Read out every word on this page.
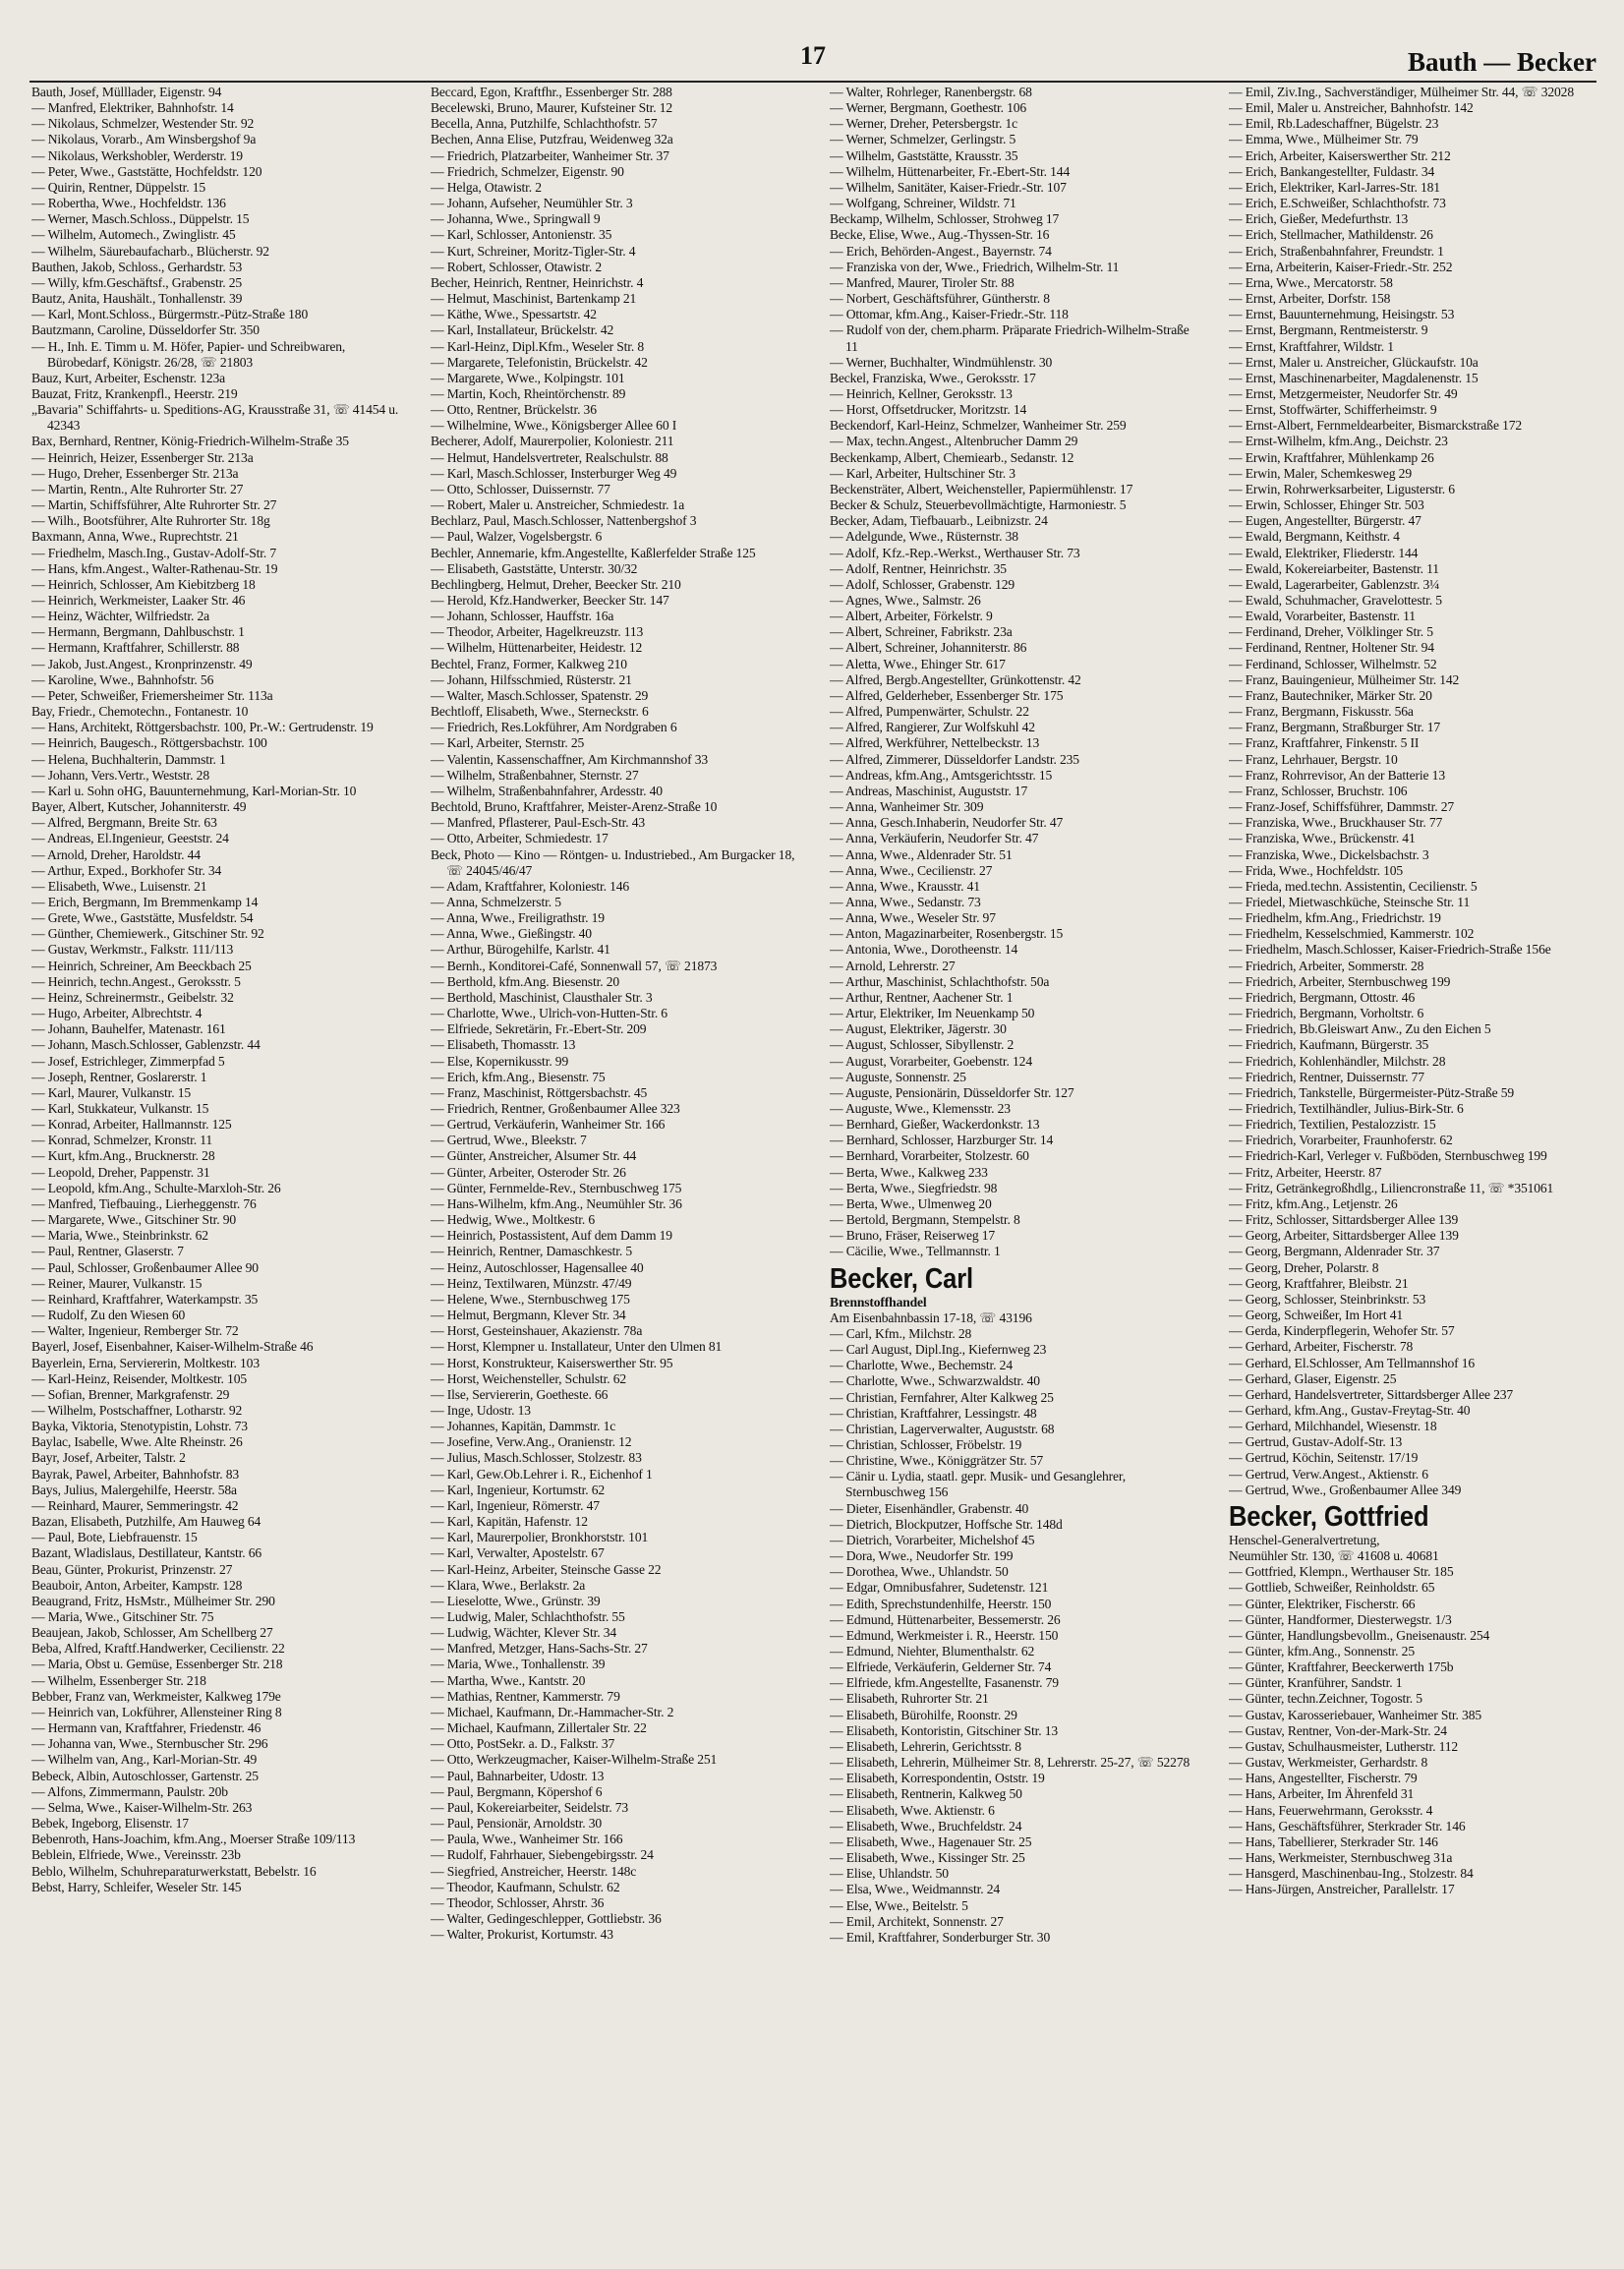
17	Bauth — Becker

Bauth, Josef, Mülllader, Eigenstr. 94

— Manfred, Elektriker, Bahnhofstr. 14

— Nikolaus, Schmelzer, Westender Str. 92

— Nikolaus, Vorarb., Am Winsbergshof 9a

— Nikolaus, Werkshobler, Werderstr. 19

— Peter, Wwe., Gaststätte, Hochfeldstr. 120

— Quirin, Rentner, Düppelstr. 15

— Robertha, Wwe., Hochfeldstr. 136

— Werner, Masch.Schloss., Düppelstr. 15

— Wilhelm, Automech., Zwinglistr. 45

— Wilhelm, Säurebaufacharb., Blücherstr. 92

Bauthen, Jakob, Schloss., Gerhardstr. 53

— Willy, kfm.Geschäftsf., Grabenstr. 25

Bautz, Anita, Haushält., Tonhallenstr. 39

— Karl, Mont.Schloss., Bürgermstr.-Pütz-Straße 180

Bautzmann, Caroline, Düsseldorfer Str. 350

— H., Inh. E. Timm u. M. Höfer, Papier- und Schreibwaren, Bürobedarf, Königstr. 26/28, ☏ 21803

Bauz, Kurt, Arbeiter, Eschenstr. 123a

Bauzat, Fritz, Krankenpfl., Heerstr. 219

„Bavaria" Schiffahrts- u. Speditions-AG, Krausstraße 31, ☏ 41454 u. 42343

Bax, Bernhard, Rentner, König-Friedrich-Wilhelm-Straße 35

— Heinrich, Heizer, Essenberger Str. 213a

— Hugo, Dreher, Essenberger Str. 213a

— Martin, Rentn., Alte Ruhrorter Str. 27

— Martin, Schiffsführer, Alte Ruhrorter Str. 27

— Wilh., Bootsführer, Alte Ruhrorter Str. 18g

Baxmann, Anna, Wwe., Ruprechtstr. 21

— Friedhelm, Masch.Ing., Gustav-Adolf-Str. 7

— Hans, kfm.Angest., Walter-Rathenau-Str. 19

— Heinrich, Schlosser, Am Kiebitzberg 18

— Heinrich, Werkmeister, Laaker Str. 46

— Heinz, Wächter, Wilfriedstr. 2a

— Hermann, Bergmann, Dahlbuschstr. 1

— Hermann, Kraftfahrer, Schillerstr. 88

— Jakob, Just.Angest., Kronprinzenstr. 49

— Karoline, Wwe., Bahnhofstr. 56

— Peter, Schweißer, Friemersheimer Str. 113a

Bay, Friedr., Chemotechn., Fontanestr. 10

— Hans, Architekt, Röttgersbachstr. 100, Pr.-W.: Gertrudenstr. 19

— Heinrich, Baugesch., Röttgersbachstr. 100

— Helena, Buchhalterin, Dammstr. 1

— Johann, Vers.Vertr., Weststr. 28

— Karl u. Sohn oHG, Bauunternehmung, Karl-Morian-Str. 10

Bayer, Albert, Kutscher, Johanniterstr. 49

— Alfred, Bergmann, Breite Str. 63

— Andreas, El.Ingenieur, Geeststr. 24

— Arnold, Dreher, Haroldstr. 44

— Arthur, Exped., Borkhofer Str. 34

— Elisabeth, Wwe., Luisenstr. 21

— Erich, Bergmann, Im Bremmenkamp 14

— Grete, Wwe., Gaststätte, Musfeldstr. 54

— Günther, Chemiewerk., Gitschiner Str. 92

— Gustav, Werkmstr., Falkstr. 111/113

— Heinrich, Schreiner, Am Beeckbach 25

— Heinrich, techn.Angest., Geroksstr. 5

— Heinz, Schreinermstr., Geibelstr. 32

— Hugo, Arbeiter, Albrechtstr. 4

— Johann, Bauhelfer, Matenastr. 161

— Johann, Masch.Schlosser, Gablenzstr. 44

— Josef, Estrichleger, Zimmerpfad 5

— Joseph, Rentner, Goslarerstr. 1

— Karl, Maurer, Vulkanstr. 15

— Karl, Stukkateur, Vulkanstr. 15

— Konrad, Arbeiter, Hallmannstr. 125

— Konrad, Schmelzer, Kronstr. 11

— Kurt, kfm.Ang., Brucknerstr. 28

— Leopold, Dreher, Pappenstr. 31

— Leopold, kfm.Ang., Schulte-Marxloh-Str. 26

— Manfred, Tiefbauing., Lierheggenstr. 76

— Margarete, Wwe., Gitschiner Str. 90

— Maria, Wwe., Steinbrinkstr. 62

— Paul, Rentner, Glaserstr. 7

— Paul, Schlosser, Großenbaumer Allee 90

— Reiner, Maurer, Vulkanstr. 15

— Reinhard, Kraftfahrer, Waterkampstr. 35

— Rudolf, Zu den Wiesen 60

— Walter, Ingenieur, Remberger Str. 72

Bayerl, Josef, Eisenbahner, Kaiser-Wilhelm-Straße 46

Bayerlein, Erna, Serviererin, Moltkestr. 103

— Karl-Heinz, Reisender, Moltkestr. 105

— Sofian, Brenner, Markgrafenstr. 29

— Wilhelm, Postschaffner, Lotharstr. 92

Bayka, Viktoria, Stenotypistin, Lohstr. 73

Baylac, Isabelle, Wwe. Alte Rheinstr. 26

Bayr, Josef, Arbeiter, Talstr. 2

Bayrak, Pawel, Arbeiter, Bahnhofstr. 83

Bays, Julius, Malergehilfe, Heerstr. 58a

— Reinhard, Maurer, Semmeringstr. 42

Bazan, Elisabeth, Putzhilfe, Am Hauweg 64

— Paul, Bote, Liebfrauenstr. 15

Bazant, Wladislaus, Destillateur, Kantstr. 66

Beau, Günter, Prokurist, Prinzenstr. 27

Beauboir, Anton, Arbeiter, Kampstr. 128

Beaugrand, Fritz, HsMstr., Mülheimer Str. 290

— Maria, Wwe., Gitschiner Str. 75

Beaujean, Jakob, Schlosser, Am Schellberg 27

Beba, Alfred, Kraftf.Handwerker, Cecilienstr. 22

— Maria, Obst u. Gemüse, Essenberger Str. 218

— Wilhelm, Essenberger Str. 218

Bebber, Franz van, Werkmeister, Kalkweg 179e

— Heinrich van, Lokführer, Allensteiner Ring 8

— Hermann van, Kraftfahrer, Friedenstr. 46

— Johanna van, Wwe., Sternbuscher Str. 296

— Wilhelm van, Ang., Karl-Morian-Str. 49

Bebeck, Albin, Autoschlosser, Gartenstr. 25

— Alfons, Zimmermann, Paulstr. 20b

— Selma, Wwe., Kaiser-Wilhelm-Str. 263

Bebek, Ingeborg, Elisenstr. 17

Bebenroth, Hans-Joachim, kfm.Ang., Moerser Straße 109/113

Beblein, Elfriede, Wwe., Vereinsstr. 23b

Beblo, Wilhelm, Schuhreparaturwerkstatt, Bebelstr. 16

Bebst, Harry, Schleifer, Weseler Str. 145

Beccard, Egon, Kraftfhr., Essenberger Str. 288

Becelewski, Bruno, Maurer, Kufsteiner Str. 12

Becella, Anna, Putzhilfe, Schlachthofstr. 57

Bechen, Anna Elise, Putzfrau, Weidenweg 32a

— Friedrich, Platzarbeiter, Wanheimer Str. 37

— Friedrich, Schmelzer, Eigenstr. 90

— Helga, Otawistr. 2

— Johann, Aufseher, Neumühler Str. 3

— Johanna, Wwe., Springwall 9

— Karl, Schlosser, Antonienstr. 35

— Kurt, Schreiner, Moritz-Tigler-Str. 4

— Robert, Schlosser, Otawistr. 2

Becher, Heinrich, Rentner, Heinrichstr. 4

— Helmut, Maschinist, Bartenkamp 21

— Käthe, Wwe., Spessartstr. 42

— Karl, Installateur, Brückelstr. 42

— Karl-Heinz, Dipl.Kfm., Weseler Str. 8

— Margarete, Telefonistin, Brückelstr. 42

— Margarete, Wwe., Kolpingstr. 101

— Martin, Koch, Rheintörchenstr. 89

— Otto, Rentner, Brückelstr. 36

— Wilhelmine, Wwe., Königsberger Allee 60 I

Becherer, Adolf, Maurerpolier, Koloniestr. 211

— Helmut, Handelsvertreter, Realschulstr. 88

— Karl, Masch.Schlosser, Insterburger Weg 49

— Otto, Schlosser, Duissernstr. 77

— Robert, Maler u. Anstreicher, Schmiedestr. 1a

Bechlarz, Paul, Masch.Schlosser, Nattenbergshof 3

— Paul, Walzer, Vogelsbergstr. 6

Bechler, Annemarie, kfm.Angestellte, Kaßlerfelder Straße 125

— Elisabeth, Gaststätte, Unterstr. 30/32

Bechlingberg, Helmut, Dreher, Beecker Str. 210

— Herold, Kfz.Handwerker, Beecker Str. 147

— Johann, Schlosser, Hauffstr. 16a

— Theodor, Arbeiter, Hagelkreuzstr. 113

— Wilhelm, Hüttenarbeiter, Heidestr. 12

Bechtel, Franz, Former, Kalkweg 210

— Johann, Hilfsschmied, Rüsterstr. 21

— Walter, Masch.Schlosser, Spatenstr. 29

Bechtloff, Elisabeth, Wwe., Sterneckstr. 6

— Friedrich, Res.Lokführer, Am Nordgraben 6

— Karl, Arbeiter, Sternstr. 25

— Valentin, Kassenschaffner, Am Kirchmannshof 33

— Wilhelm, Straßenbahner, Sternstr. 27

— Wilhelm, Straßenbahnfahrer, Ardesstr. 40

Bechtold, Bruno, Kraftfahrer, Meister-Arenz-Straße 10

— Manfred, Pflasterer, Paul-Esch-Str. 43

— Otto, Arbeiter, Schmiedestr. 17

Beck, Photo — Kino — Röntgen- u. Industriebed., Am Burgacker 18, ☏ 24045/46/47

— Adam, Kraftfahrer, Koloniestr. 146

— Anna, Schmelzerstr. 5

— Anna, Wwe., Freiligrathstr. 19

— Anna, Wwe., Gießingstr. 40

— Arthur, Bürogehilfe, Karlstr. 41

— Bernh., Konditorei-Café, Sonnenwall 57, ☏ 21873

— Berthold, kfm.Ang. Biesenstr. 20

— Berthold, Maschinist, Clausthaler Str. 3

— Charlotte, Wwe., Ulrich-von-Hutten-Str. 6

— Elfriede, Sekretärin, Fr.-Ebert-Str. 209

— Elisabeth, Thomasstr. 13

— Else, Kopernikusstr. 99

— Erich, kfm.Ang., Biesenstr. 75

— Franz, Maschinist, Röttgersbachstr. 45

— Friedrich, Rentner, Großenbaumer Allee 323

— Gertrud, Verkäuferin, Wanheimer Str. 166

— Gertrud, Wwe., Bleekstr. 7

— Günter, Anstreicher, Alsumer Str. 44

— Günter, Arbeiter, Osteroder Str. 26

— Günter, Fernmelde-Rev., Sternbuschweg 175

— Hans-Wilhelm, kfm.Ang., Neumühler Str. 36

— Hedwig, Wwe., Moltkestr. 6

— Heinrich, Postassistent, Auf dem Damm 19

— Heinrich, Rentner, Damaschkestr. 5

— Heinz, Autoschlosser, Hagensallee 40

— Heinz, Textilwaren, Münzstr. 47/49

— Helene, Wwe., Sternbuschweg 175

— Helmut, Bergmann, Klever Str. 34

— Horst, Gesteinshauer, Akazienstr. 78a

— Horst, Klempner u. Installateur, Unter den Ulmen 81

— Horst, Konstrukteur, Kaiserswerther Str. 95

— Horst, Weichensteller, Schulstr. 62

— Ilse, Serviererin, Goetheste. 66

— Inge, Udostr. 13

— Johannes, Kapitän, Dammstr. 1c

— Josefine, Verw.Ang., Oranienstr. 12

— Julius, Masch.Schlosser, Stolzestr. 83

— Karl, Gew.Ob.Lehrer i. R., Eichenhof 1

— Karl, Ingenieur, Kortumstr. 62

— Karl, Ingenieur, Römerstr. 47

— Karl, Kapitän, Hafenstr. 12

— Karl, Maurerpolier, Bronkhorststr. 101

— Karl, Verwalter, Apostelstr. 67

— Karl-Heinz, Arbeiter, Steinsche Gasse 22

— Klara, Wwe., Berlakstr. 2a

— Lieselotte, Wwe., Grünstr. 39

— Ludwig, Maler, Schlachthofstr. 55

— Ludwig, Wächter, Klever Str. 34

— Manfred, Metzger, Hans-Sachs-Str. 27

— Maria, Wwe., Tonhallenstr. 39

— Martha, Wwe., Kantstr. 20

— Mathias, Rentner, Kammerstr. 79

— Michael, Kaufmann, Dr.-Hammacher-Str. 2

— Michael, Kaufmann, Zillertaler Str. 22

— Otto, PostSekr. a. D., Falkstr. 37

— Otto, Werkzeugmacher, Kaiser-Wilhelm-Straße 251

— Paul, Bahnarbeiter, Udostr. 13

— Paul, Bergmann, Köpershof 6

— Paul, Kokereiarbeiter, Seidelstr. 73

— Paul, Pensionär, Arnoldstr. 30

— Paula, Wwe., Wanheimer Str. 166

— Rudolf, Fahrhauer, Siebengebirgsstr. 24

— Siegfried, Anstreicher, Heerstr. 148c

— Theodor, Kaufmann, Schulstr. 62

— Theodor, Schlosser, Ahrstr. 36

— Walter, Gedingeschlepper, Gottliebstr. 36

— Walter, Prokurist, Kortumstr. 43

— Walter, Rohrleger, Ranenbergstr. 68

— Werner, Bergmann, Goethestr. 106

— Werner, Dreher, Petersbergstr. 1c

— Werner, Schmelzer, Gerlingstr. 5

— Wilhelm, Gaststätte, Krausstr. 35

— Wilhelm, Hüttenarbeiter, Fr.-Ebert-Str. 144

— Wilhelm, Sanitäter, Kaiser-Friedr.-Str. 107

— Wolfgang, Schreiner, Wildstr. 71

Beckamp, Wilhelm, Schlosser, Strohweg 17

Becke, Elise, Wwe., Aug.-Thyssen-Str. 16

— Erich, Behörden-Angest., Bayernstr. 74

— Franziska von der, Wwe., Friedrich, Wilhelm-Str. 11

— Manfred, Maurer, Tiroler Str. 88

— Norbert, Geschäftsführer, Güntherstr. 8

— Ottomar, kfm.Ang., Kaiser-Friedr.-Str. 118

— Rudolf von der, chem.pharm. Präparate Friedrich-Wilhelm-Straße 11

— Werner, Buchhalter, Windmühlenstr. 30

Beckel, Franziska, Wwe., Geroksstr. 17

— Heinrich, Kellner, Geroksstr. 13

— Horst, Offsetdrucker, Moritzstr. 14

Beckendorf, Karl-Heinz, Schmelzer, Wanheimer Str. 259

— Max, techn.Angest., Altenbrucher Damm 29

Beckenkamp, Albert, Chemiearb., Sedanstr. 12

— Karl, Arbeiter, Hultschiner Str. 3

Beckensträter, Albert, Weichensteller, Papiermühlenstr. 17

Becker & Schulz, Steuerbevollmächtigte, Harmoniestr. 5

Becker, Adam, Tiefbauarb., Leibnizstr. 24

— Adelgunde, Wwe., Rüsternstr. 38

— Adolf, Kfz.-Rep.-Werkst., Werthauser Str. 73

— Adolf, Rentner, Heinrichstr. 35

— Adolf, Schlosser, Grabenstr. 129

— Agnes, Wwe., Salmstr. 26

— Albert, Arbeiter, Förkelstr. 9

— Albert, Schreiner, Fabrikstr. 23a

— Albert, Schreiner, Johanniterstr. 86

— Aletta, Wwe., Ehinger Str. 617

— Alfred, Bergb.Angestellter, Grünkottenstr. 42

— Alfred, Gelderheber, Essenberger Str. 175

— Alfred, Pumpenwärter, Schulstr. 22

— Alfred, Rangierer, Zur Wolfskuhl 42

— Alfred, Werkführer, Nettelbeckstr. 13

— Alfred, Zimmerer, Düsseldorfer Landstr. 235

— Andreas, kfm.Ang., Amtsgerichtsstr. 15

— Andreas, Maschinist, Auguststr. 17

— Anna, Wanheimer Str. 309

— Anna, Gesch.Inhaberin, Neudorfer Str. 47

— Anna, Verkäuferin, Neudorfer Str. 47

— Anna, Wwe., Aldenrader Str. 51

— Anna, Wwe., Cecilienstr. 27

— Anna, Wwe., Krausstr. 41

— Anna, Wwe., Sedanstr. 73

— Anna, Wwe., Weseler Str. 97

— Anton, Magazinarbeiter, Rosenbergstr. 15

— Antonia, Wwe., Dorotheenstr. 14

— Arnold, Lehrerstr. 27

— Arthur, Maschinist, Schlachthofstr. 50a

— Arthur, Rentner, Aachener Str. 1

— Artur, Elektriker, Im Neuenkamp 50

— August, Elektriker, Jägerstr. 30

— August, Schlosser, Sibyllenstr. 2

— August, Vorarbeiter, Goebenstr. 124

— Auguste, Sonnenstr. 25

— Auguste, Pensionärin, Düsseldorfer Str. 127

— Auguste, Wwe., Klemensstr. 23

— Bernhard, Gießer, Wackerdonkstr. 13

— Bernhard, Schlosser, Harzburger Str. 14

— Bernhard, Vorarbeiter, Stolzestr. 60

— Berta, Wwe., Kalkweg 233

— Berta, Wwe., Siegfriedstr. 98

— Berta, Wwe., Ulmenweg 20

— Bertold, Bergmann, Stempelstr. 8

— Bruno, Fräser, Reiserweg 17

— Cäcilie, Wwe., Tellmannstr. 1

Becker, Carl

Brennstoffhandel

Am Eisenbahnbassin 17-18, ☏ 43196

— Carl, Kfm., Milchstr. 28

— Carl August, Dipl.Ing., Kiefernweg 23

— Charlotte, Wwe., Bechemstr. 24

— Charlotte, Wwe., Schwarzwaldstr. 40

— Christian, Fernfahrer, Alter Kalkweg 25

— Christian, Kraftfahrer, Lessingstr. 48

— Christian, Lagerverwalter, Auguststr. 68

— Christian, Schlosser, Fröbelstr. 19

— Christine, Wwe., Königgrätzer Str. 57

— Cänir u. Lydia, staatl. gepr. Musik- und Gesanglehrer, Sternbuschweg 156

— Dieter, Eisenhändler, Grabenstr. 40

— Dietrich, Blockputzer, Hoffsche Str. 148d

— Dietrich, Vorarbeiter, Michelshof 45

— Dora, Wwe., Neudorfer Str. 199

— Dorothea, Wwe., Uhlandstr. 50

— Edgar, Omnibusfahrer, Sudetenstr. 121

— Edith, Sprechstundenhilfe, Heerstr. 150

— Edmund, Hüttenarbeiter, Bessemerstr. 26

— Edmund, Werkmeister i. R., Heerstr. 150

— Edmund, Niehter, Blumenthalstr. 62

— Elfriede, Verkäuferin, Gelderner Str. 74

— Elfriede, kfm.Angestellte, Fasanenstr. 79

— Elisabeth, Ruhrorter Str. 21

— Elisabeth, Bürohilfe, Roonstr. 29

— Elisabeth, Kontoristin, Gitschiner Str. 13

— Elisabeth, Lehrerin, Gerichtsstr. 8

— Elisabeth, Lehrerin, Mülheimer Str. 8, Lehrerstr. 25-27, ☏ 52278

— Elisabeth, Korrespondentin, Oststr. 19

— Elisabeth, Rentnerin, Kalkweg 50

— Elisabeth, Wwe. Aktienstr. 6

— Elisabeth, Wwe., Bruchfeldstr. 24

— Elisabeth, Wwe., Hagenauer Str. 25

— Elisabeth, Wwe., Kissinger Str. 25

— Elise, Uhlandstr. 50

— Elsa, Wwe., Weidmannstr. 24

— Else, Wwe., Beitelstr. 5

— Emil, Architekt, Sonnenstr. 27

— Emil, Kraftfahrer, Sonderburger Str. 30

— Emil, Ziv.Ing., Sachverständiger, Mülheimer Str. 44, ☏ 32028

— Emil, Maler u. Anstreicher, Bahnhofstr. 142

— Emil, Rb.Ladeschaffner, Bügelstr. 23

— Emma, Wwe., Mülheimer Str. 79

— Erich, Arbeiter, Kaiserswerther Str. 212

— Erich, Bankangestellter, Fuldastr. 34

— Erich, Elektriker, Karl-Jarres-Str. 181

— Erich, E.Schweißer, Schlachthofstr. 73

— Erich, Gießer, Medefurthstr. 13

— Erich, Stellmacher, Mathildenstr. 26

— Erich, Straßenbahnfahrer, Freundstr. 1

— Erna, Arbeiterin, Kaiser-Friedr.-Str. 252

— Erna, Wwe., Mercatorstr. 58

— Ernst, Arbeiter, Dorfstr. 158

— Ernst, Bauunternehmung, Heisingstr. 53

— Ernst, Bergmann, Rentmeisterstr. 9

— Ernst, Kraftfahrer, Wildstr. 1

— Ernst, Maler u. Anstreicher, Glückaufstr. 10a

— Ernst, Maschinenarbeiter, Magdalenenstr. 15

— Ernst, Metzgermeister, Neudorfer Str. 49

— Ernst, Stoffwärter, Schifferheimstr. 9

— Ernst-Albert, Fernmeldearbeiter, Bismarckstraße 172

— Ernst-Wilhelm, kfm.Ang., Deichstr. 23

— Erwin, Kraftfahrer, Mühlenkamp 26

— Erwin, Maler, Schemkesweg 29

— Erwin, Rohrwerksarbeiter, Ligusterstr. 6

— Erwin, Schlosser, Ehinger Str. 503

— Eugen, Angestellter, Bürgerstr. 47

— Ewald, Bergmann, Keithstr. 4

— Ewald, Elektriker, Fliederstr. 144

— Ewald, Kokereiarbeiter, Bastenstr. 11

— Ewald, Lagerarbeiter, Gablenzstr. 3¼

— Ewald, Schuhmacher, Gravelottestr. 5

— Ewald, Vorarbeiter, Bastenstr. 11

— Ferdinand, Dreher, Völklinger Str. 5

— Ferdinand, Rentner, Holtener Str. 94

— Ferdinand, Schlosser, Wilhelmstr. 52

— Franz, Bauingenieur, Mülheimer Str. 142

— Franz, Bautechniker, Märker Str. 20

— Franz, Bergmann, Fiskusstr. 56a

— Franz, Bergmann, Straßburger Str. 17

— Franz, Kraftfahrer, Finkenstr. 5 II

— Franz, Lehrhauer, Bergstr. 10

— Franz, Rohrrevisor, An der Batterie 13

— Franz, Schlosser, Bruchstr. 106

— Franz-Josef, Schiffsführer, Dammstr. 27

— Franziska, Wwe., Bruckhauser Str. 77

— Franziska, Wwe., Brückenstr. 41

— Franziska, Wwe., Dickelsbachstr. 3

— Frida, Wwe., Hochfeldstr. 105

— Frieda, med.techn. Assistentin, Cecilienstr. 5

— Friedel, Mietwaschküche, Steinsche Str. 11

— Friedhelm, kfm.Ang., Friedrichstr. 19

— Friedhelm, Kesselschmied, Kammerstr. 102

— Friedhelm, Masch.Schlosser, Kaiser-Friedrich-Straße 156e

— Friedrich, Arbeiter, Sommerstr. 28

— Friedrich, Arbeiter, Sternbuschweg 199

— Friedrich, Bergmann, Ottostr. 46

— Friedrich, Bergmann, Vorholtstr. 6

— Friedrich, Bb.Gleiswart Anw., Zu den Eichen 5

— Friedrich, Kaufmann, Bürgerstr. 35

— Friedrich, Kohlenhändler, Milchstr. 28

— Friedrich, Rentner, Duissernstr. 77

— Friedrich, Tankstelle, Bürgermeister-Pütz-Straße 59

— Friedrich, Textilhändler, Julius-Birk-Str. 6

— Friedrich, Textilien, Pestalozzistr. 15

— Friedrich, Vorarbeiter, Fraunhoferstr. 62

— Friedrich-Karl, Verleger v. Fußböden, Sternbuschweg 199

— Fritz, Arbeiter, Heerstr. 87

— Fritz, Getränkegroßhdlg., Liliencronstraße 11, ☏ *351061

— Fritz, kfm.Ang., Letjenstr. 26

— Fritz, Schlosser, Sittardsberger Allee 139

— Georg, Arbeiter, Sittardsberger Allee 139

— Georg, Bergmann, Aldenrader Str. 37

— Georg, Dreher, Polarstr. 8

— Georg, Kraftfahrer, Bleibstr. 21

— Georg, Schlosser, Steinbrinkstr. 53

— Georg, Schweißer, Im Hort 41

— Gerda, Kinderpflegerin, Wehofer Str. 57

— Gerhard, Arbeiter, Fischerstr. 78

— Gerhard, El.Schlosser, Am Tellmannshof 16

— Gerhard, Glaser, Eigenstr. 25

— Gerhard, Handelsvertreter, Sittardsberger Allee 237

— Gerhard, kfm.Ang., Gustav-Freytag-Str. 40

— Gerhard, Milchhandel, Wiesenstr. 18

— Gertrud, Gustav-Adolf-Str. 13

— Gertrud, Köchin, Seitenstr. 17/19

— Gertrud, Verw.Angest., Aktienstr. 6

— Gertrud, Wwe., Großenbaumer Allee 349

Becker, Gottfried

Henschel-Generalvertretung,

Neumühler Str. 130, ☏ 41608 u. 40681

— Gottfried, Klempn., Werthauser Str. 185

— Gottlieb, Schweißer, Reinholdstr. 65

— Günter, Elektriker, Fischerstr. 66

— Günter, Handformer, Diesterwegstr. 1/3

— Günter, Handlungsbevollm., Gneisenaustr. 254

— Günter, kfm.Ang., Sonnenstr. 25

— Günter, Kraftfahrer, Beeckerwerth 175b

— Günter, Kranführer, Sandstr. 1

— Günter, techn.Zeichner, Togostr. 5

— Gustav, Karosseriebauer, Wanheimer Str. 385

— Gustav, Rentner, Von-der-Mark-Str. 24

— Gustav, Schulhausmeister, Lutherstr. 112

— Gustav, Werkmeister, Gerhardstr. 8

— Hans, Angestellter, Fischerstr. 79

— Hans, Arbeiter, Im Ährenfeld 31

— Hans, Feuerwehrmann, Geroksstr. 4

— Hans, Geschäftsführer, Sterkrader Str. 146

— Hans, Tabellierer, Sterkrader Str. 146

— Hans, Werkmeister, Sternbuschweg 31a

— Hansgerd, Maschinenbau-Ing., Stolzestr. 84

— Hans-Jürgen, Anstreicher, Parallelstr. 17
